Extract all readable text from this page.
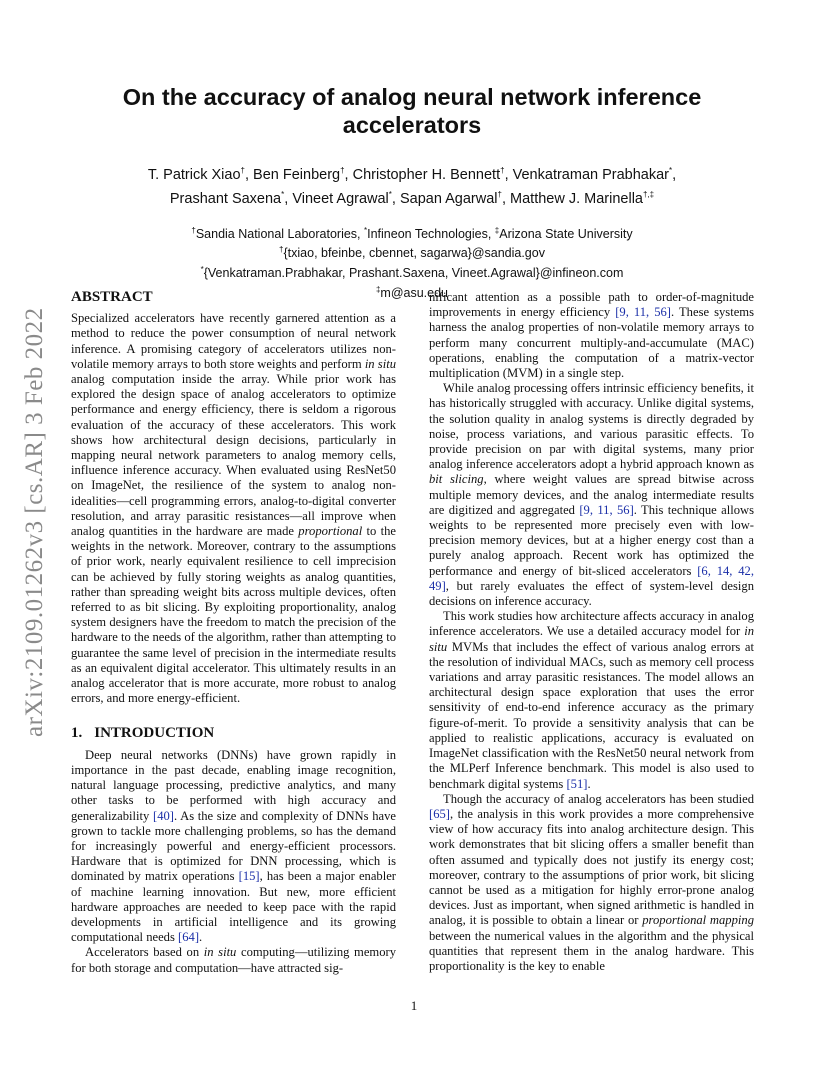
arXiv:2109.01262v3 [cs.AR] 3 Feb 2022
On the accuracy of analog neural network inference accelerators
T. Patrick Xiao†, Ben Feinberg†, Christopher H. Bennett†, Venkatraman Prabhakar*,
Prashant Saxena*, Vineet Agrawal*, Sapan Agarwal†, Matthew J. Marinella†,‡
†Sandia National Laboratories, *Infineon Technologies, ‡Arizona State University
†{txiao, bfeinbe, cbennet, sagarwa}@sandia.gov
*{Venkatraman.Prabhakar, Prashant.Saxena, Vineet.Agrawal}@infineon.com
‡m@asu.edu
ABSTRACT

Specialized accelerators have recently garnered attention as a method to reduce the power consumption of neural network inference. A promising category of accelerators utilizes non-volatile memory arrays to both store weights and perform in situ analog computation inside the array. While prior work has explored the design space of analog accelerators to optimize performance and energy efficiency, there is seldom a rigorous evaluation of the accuracy of these accelerators. This work shows how architectural design decisions, particularly in mapping neural network parameters to analog memory cells, influence inference accuracy. When evaluated using ResNet50 on ImageNet, the resilience of the system to analog non-idealities—cell programming errors, analog-to-digital converter resolution, and array parasitic resistances—all improve when analog quantities in the hardware are made proportional to the weights in the network. Moreover, contrary to the assumptions of prior work, nearly equivalent resilience to cell imprecision can be achieved by fully storing weights as analog quantities, rather than spreading weight bits across multiple devices, often referred to as bit slicing. By exploiting proportionality, analog system designers have the freedom to match the precision of the hardware to the needs of the algorithm, rather than attempting to guarantee the same level of precision in the intermediate results as an equivalent digital accelerator. This ultimately results in an analog accelerator that is more accurate, more robust to analog errors, and more energy-efficient.

1. INTRODUCTION

Deep neural networks (DNNs) have grown rapidly in importance in the past decade, enabling image recognition, natural language processing, predictive analytics, and many other tasks to be performed with high accuracy and generalizability [40]. As the size and complexity of DNNs have grown to tackle more challenging problems, so has the demand for increasingly powerful and energy-efficient processors. Hardware that is optimized for DNN processing, which is dominated by matrix operations [15], has been a major enabler of machine learning innovation. But new, more efficient hardware approaches are needed to keep pace with the rapid developments in artificial intelligence and its growing computational needs [64].

Accelerators based on in situ computing—utilizing memory for both storage and computation—have attracted sig-

nificant attention as a possible path to order-of-magnitude improvements in energy efficiency [9, 11, 56]. These systems harness the analog properties of non-volatile memory arrays to perform many concurrent multiply-and-accumulate (MAC) operations, enabling the computation of a matrix-vector multiplication (MVM) in a single step.

While analog processing offers intrinsic efficiency benefits, it has historically struggled with accuracy. Unlike digital systems, the solution quality in analog systems is directly degraded by noise, process variations, and various parasitic effects. To provide precision on par with digital systems, many prior analog inference accelerators adopt a hybrid approach known as bit slicing, where weight values are spread bitwise across multiple memory devices, and the analog intermediate results are digitized and aggregated [9, 11, 56]. This technique allows weights to be represented more precisely even with low-precision memory devices, but at a higher energy cost than a purely analog approach. Recent work has optimized the performance and energy of bit-sliced accelerators [6, 14, 42, 49], but rarely evaluates the effect of system-level design decisions on inference accuracy.

This work studies how architecture affects accuracy in analog inference accelerators. We use a detailed accuracy model for in situ MVMs that includes the effect of various analog errors at the resolution of individual MACs, such as memory cell process variations and array parasitic resistances. The model allows an architectural design space exploration that uses the error sensitivity of end-to-end inference accuracy as the primary figure-of-merit. To provide a sensitivity analysis that can be applied to realistic applications, accuracy is evaluated on ImageNet classification with the ResNet50 neural network from the MLPerf Inference benchmark. This model is also used to benchmark digital systems [51].

Though the accuracy of analog accelerators has been studied [65], the analysis in this work provides a more comprehensive view of how accuracy fits into analog architecture design. This work demonstrates that bit slicing offers a smaller benefit than often assumed and typically does not justify its energy cost; moreover, contrary to the assumptions of prior work, bit slicing cannot be used as a mitigation for highly error-prone analog devices. Just as important, when signed arithmetic is handled in analog, it is possible to obtain a linear or proportional mapping between the numerical values in the algorithm and the physical quantities that represent them in the analog hardware. This proportionality is the key to enable

1
